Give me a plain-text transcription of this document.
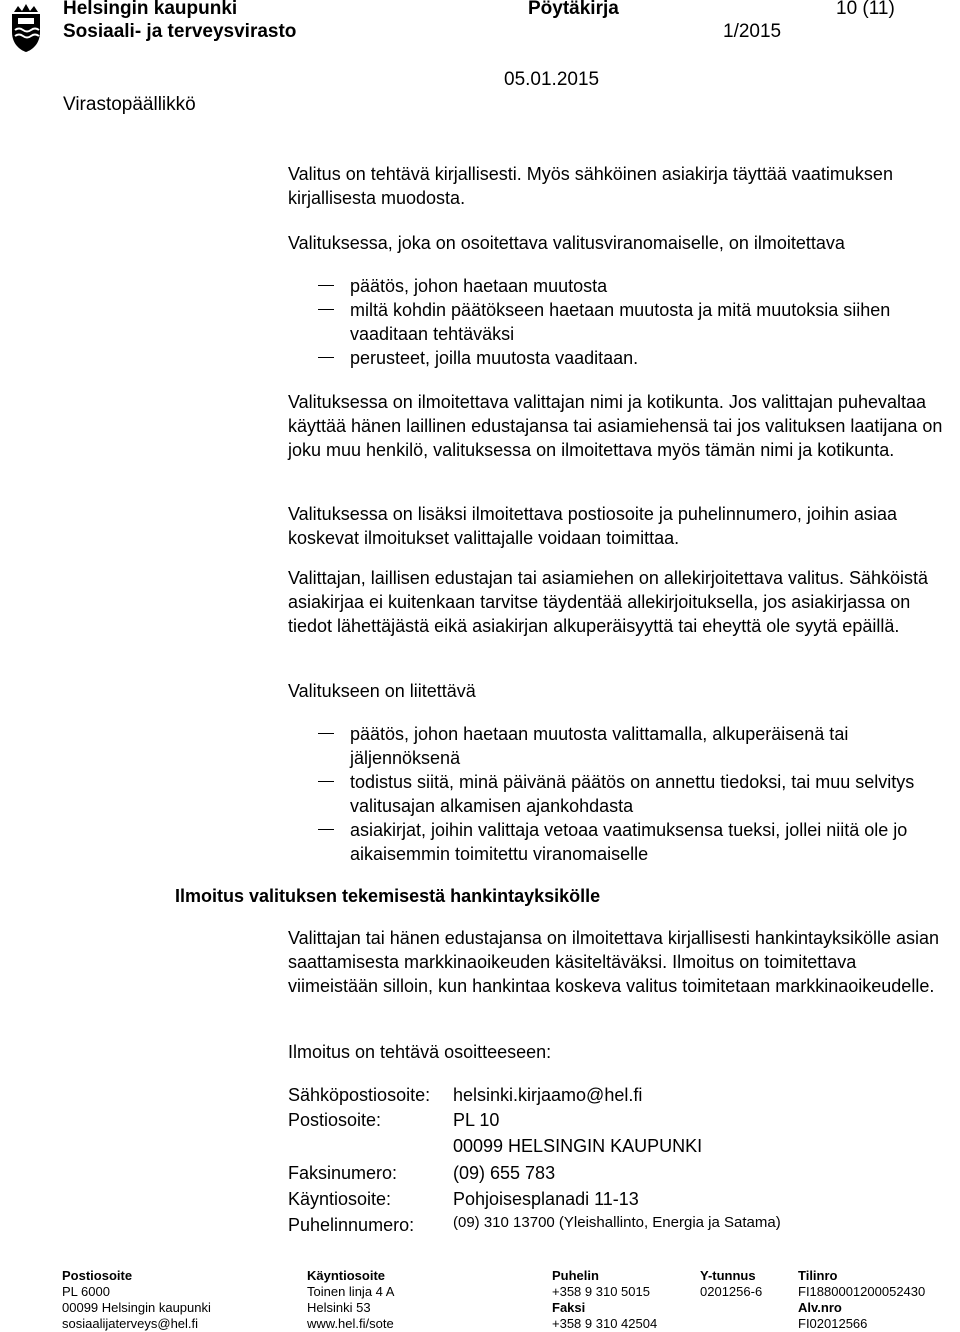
Helsingin kaupunki
Sosiaali- ja terveysvirasto
Pöytäkirja
1/2015
10 (11)
05.01.2015
Virastopäällikkö

Valitus on tehtävä kirjallisesti. Myös sähköinen asiakirja täyttää vaatimuksen kirjallisesta muodosta.

Valituksessa, joka on osoitettava valitusviranomaiselle, on ilmoitettava

päätös, johon haetaan muutosta
miltä kohdin päätökseen haetaan muutosta ja mitä muutoksia siihen vaaditaan tehtäväksi
perusteet, joilla muutosta vaaditaan.

Valituksessa on ilmoitettava valittajan nimi ja kotikunta. Jos valittajan puhevaltaa käyttää hänen laillinen edustajansa tai asiamiehensä tai jos valituksen laatijana on joku muu henkilö, valituksessa on ilmoitettava myös tämän nimi ja kotikunta.

Valituksessa on lisäksi ilmoitettava postiosoite ja puhelinnumero, joihin asiaa koskevat ilmoitukset valittajalle voidaan toimittaa.

Valittajan, laillisen edustajan tai asiamiehen on allekirjoitettava valitus. Sähköistä asiakirjaa ei kuitenkaan tarvitse täydentää allekirjoituksella, jos asiakirjassa on tiedot lähettäjästä eikä asiakirjan alkuperäisyyttä tai eheyttä ole syytä epäillä.

Valitukseen on liitettävä

päätös, johon haetaan muutosta valittamalla, alkuperäisenä tai jäljennöksenä
todistus siitä, minä päivänä päätös on annettu tiedoksi, tai muu selvitys valitusajan alkamisen ajankohdasta
asiakirjat, joihin valittaja vetoaa vaatimuksensa tueksi, jollei niitä ole jo aikaisemmin toimitettu viranomaiselle
Ilmoitus valituksen tekemisestä hankintayksikölle

Valittajan tai hänen edustajansa on ilmoitettava kirjallisesti hankintayksikölle asian saattamisesta markkinaoikeuden käsiteltäväksi. Ilmoitus on toimitettava viimeistään silloin, kun hankintaa koskeva valitus toimitetaan markkinaoikeudelle.

Ilmoitus on tehtävä osoitteeseen:

Sähköpostiosoite: helsinki.kirjaamo@hel.fi
Postiosoite:	PL 10
00099 HELSINGIN KAUPUNKI
Faksinumero:	(09) 655 783
Käyntiosoite:	Pohjoisesplanadi 11-13
Puhelinnumero:	(09) 310 13700 (Yleishallinto, Energia ja Satama)
Postiosoite
PL 6000
00099 Helsingin kaupunki
sosiaalijaterveys@hel.fi
Käyntiosoite
Toinen linja 4 A
Helsinki 53
www.hel.fi/sote
Puhelin
+358 9 310 5015
Faksi
+358 9 310 42504
Y-tunnus
0201256-6
Tilinro
FI1880001200052430
Alv.nro
FI02012566
